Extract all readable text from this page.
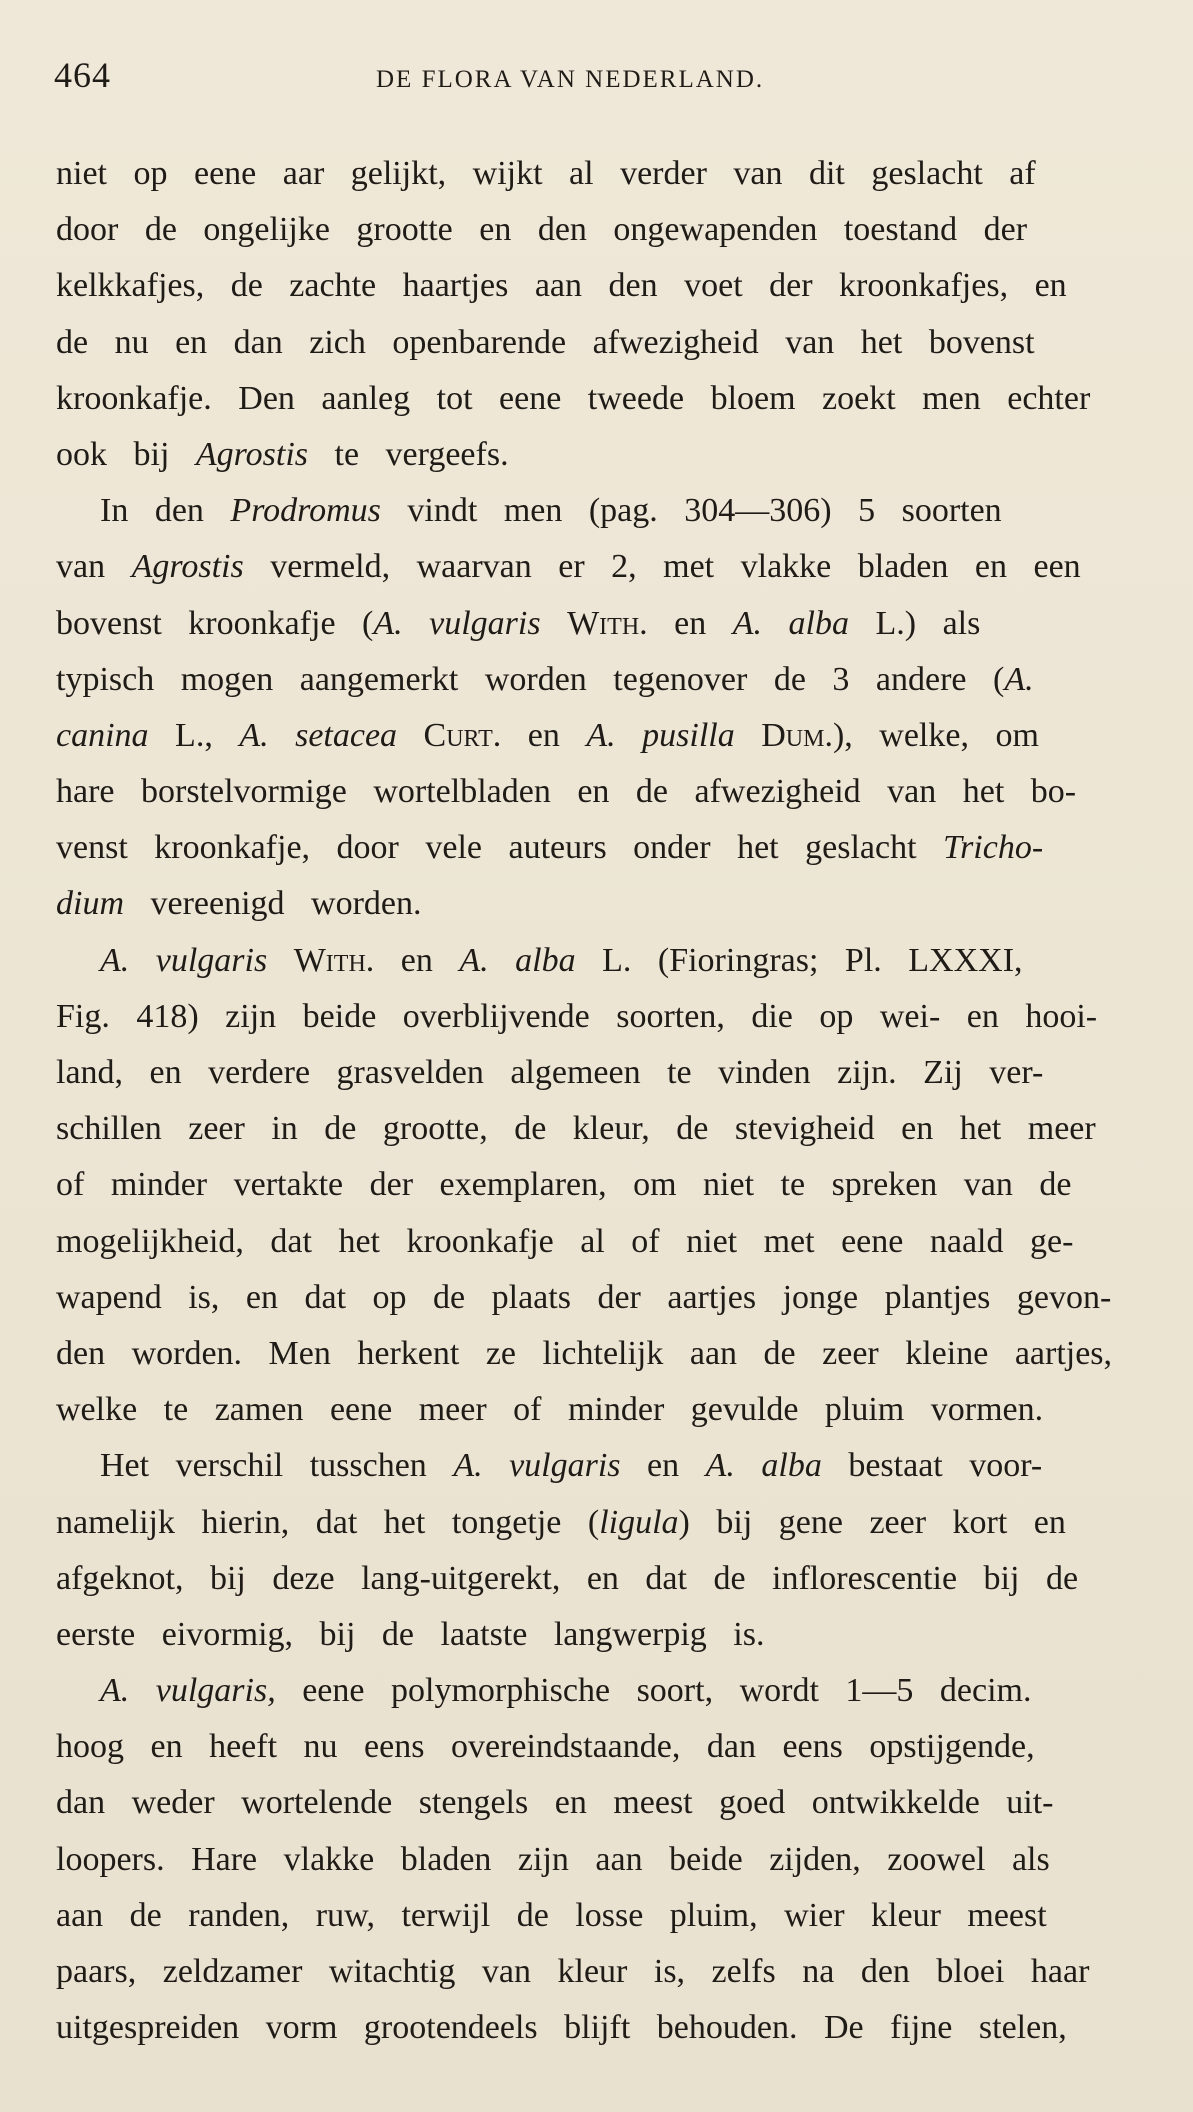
464	DE FLORA VAN NEDERLAND.
niet op eene aar gelijkt, wijkt al verder van dit geslacht af
door de ongelijke grootte en den ongewapenden toestand der
kelkkafjes, de zachte haartjes aan den voet der kroonkafjes, en
de nu en dan zich openbarende afwezigheid van het bovenst
kroonkafje. Den aanleg tot eene tweede bloem zoekt men echter
ook bij Agrostis te vergeefs.
In den Prodromus vindt men (pag. 304—306) 5 soorten
van Agrostis vermeld, waarvan er 2, met vlakke bladen en een
bovenst kroonkafje (A. vulgaris With. en A. alba L.) als
typisch mogen aangemerkt worden tegenover de 3 andere (A.
canina L., A. setacea Curt. en A. pusilla Dum.), welke, om
hare borstelvormige wortelbladen en de afwezigheid van het bo-
venst kroonkafje, door vele auteurs onder het geslacht Tricho-
dium vereenigd worden.
A. vulgaris With. en A. alba L. (Fioringras; Pl. LXXXI,
Fig. 418) zijn beide overblijvende soorten, die op wei- en hooi-
land, en verdere grasvelden algemeen te vinden zijn. Zij ver-
schillen zeer in de grootte, de kleur, de stevigheid en het meer
of minder vertakte der exemplaren, om niet te spreken van de
mogelijkheid, dat het kroonkafje al of niet met eene naald ge-
wapend is, en dat op de plaats der aartjes jonge plantjes gevon-
den worden. Men herkent ze lichtelijk aan de zeer kleine aartjes,
welke te zamen eene meer of minder gevulde pluim vormen.
Het verschil tusschen A. vulgaris en A. alba bestaat voor-
namelijk hierin, dat het tongetje (ligula) bij gene zeer kort en
afgeknot, bij deze lang-uitgerekt, en dat de inflorescentie bij de
eerste eivormig, bij de laatste langwerpig is.
A. vulgaris, eene polymorphische soort, wordt 1—5 decim.
hoog en heeft nu eens overeindstaande, dan eens opstijgende,
dan weder wortelende stengels en meest goed ontwikkelde uit-
loopers. Hare vlakke bladen zijn aan beide zijden, zoowel als
aan de randen, ruw, terwijl de losse pluim, wier kleur meest
paars, zeldzamer witachtig van kleur is, zelfs na den bloei haar
uitgespreiden vorm grootendeels blijft behouden. De fijne stelen,
